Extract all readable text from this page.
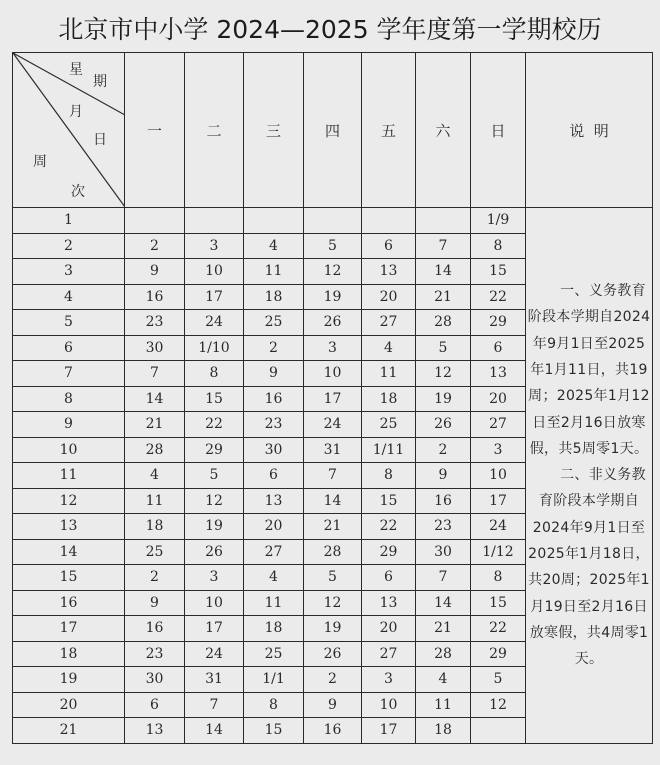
北京市中小学 2024—2025 学年度第一学期校历
星
期
月
日
周
次
	一	二	三	四	五	六	日	说  明
1							1/9	一、义务教育阶段本学期自2024年9月1日至2025年1月11日，共19周；2025年1月12日至2月16日放寒假，共5周零1天。

二、非义务教育阶段本学期自2024年9月1日至2025年1月18日，共20周；2025年1月19日至2月16日放寒假，共4周零1天。

2	2	3	4	5	6	7	8	
3	9	10	11	12	13	14	15	
4	16	17	18	19	20	21	22	
5	23	24	25	26	27	28	29	
6	30	1/10	2	3	4	5	6	
7	7	8	9	10	11	12	13	
8	14	15	16	17	18	19	20	
9	21	22	23	24	25	26	27	
10	28	29	30	31	1/11	2	3	
11	4	5	6	7	8	9	10	
12	11	12	13	14	15	16	17	
13	18	19	20	21	22	23	24	
14	25	26	27	28	29	30	1/12	
15	2	3	4	5	6	7	8	
16	9	10	11	12	13	14	15	
17	16	17	18	19	20	21	22	
18	23	24	25	26	27	28	29	
19	30	31	1/1	2	3	4	5	
20	6	7	8	9	10	11	12	
21	13	14	15	16	17	18		
